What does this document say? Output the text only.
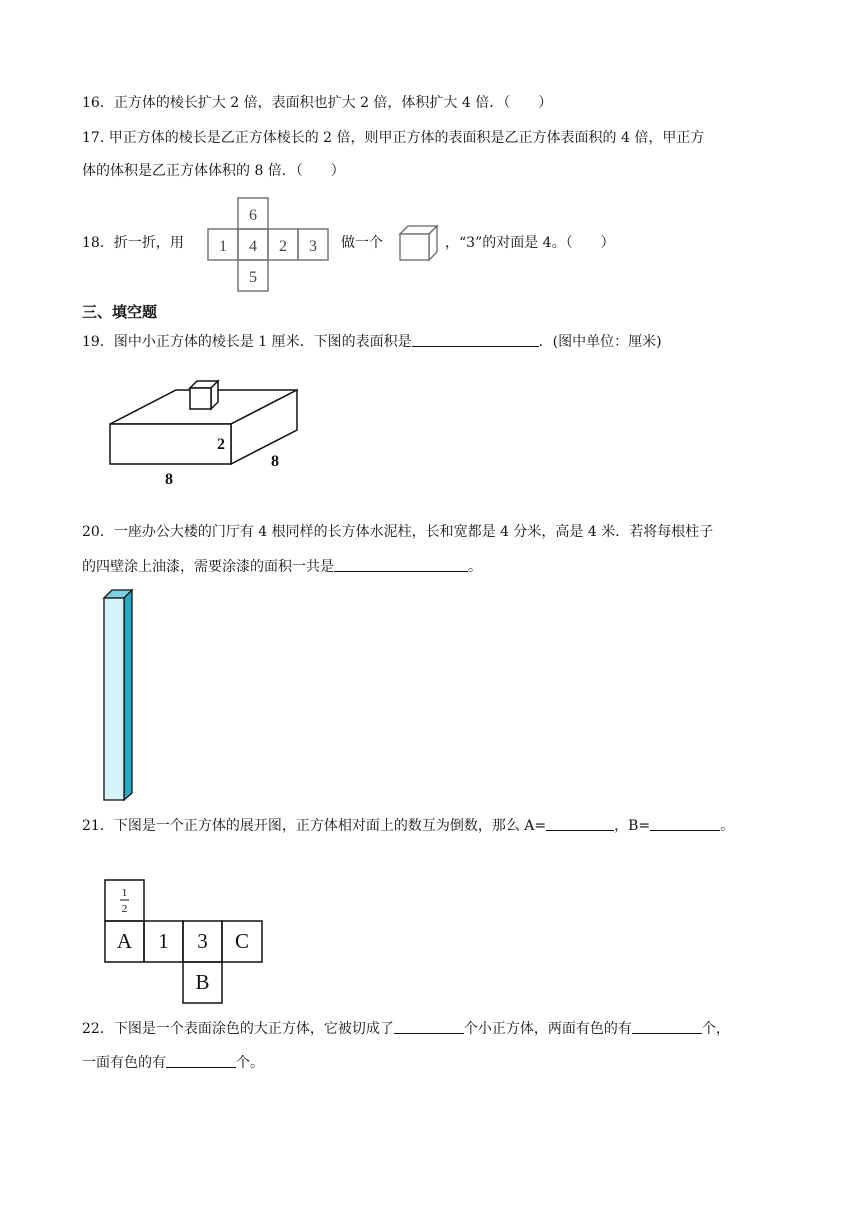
16．正方体的棱长扩大 2 倍，表面积也扩大 2 倍，体积扩大 4 倍．（　　）
17. 甲正方体的棱长是乙正方体棱长的 2 倍，则甲正方体的表面积是乙正方体表面积的 4 倍，甲正方
体的体积是乙正方体体积的 8 倍．（　　）
18．折一折，用
6
1 4 2 3
5
做一个	，“3”的对面是 4。（　　）
三、填空题
19．图中小正方体的棱长是 1 厘米．下图的表面积是	．(图中单位：厘米)
2
8
8
20．一座办公大楼的门厅有 4 根同样的长方体水泥柱，长和宽都是 4 分米，高是 4 米．若将每根柱子
的四壁涂上油漆，需要涂漆的面积一共是	。
21．下图是一个正方体的展开图，正方体相对面上的数互为倒数，那么 A=	，B=	。
1
2
A 1 3 C
B
22．下图是一个表面涂色的大正方体，它被切成了	个小正方体，两面有色的有	个，
一面有色的有	个。
